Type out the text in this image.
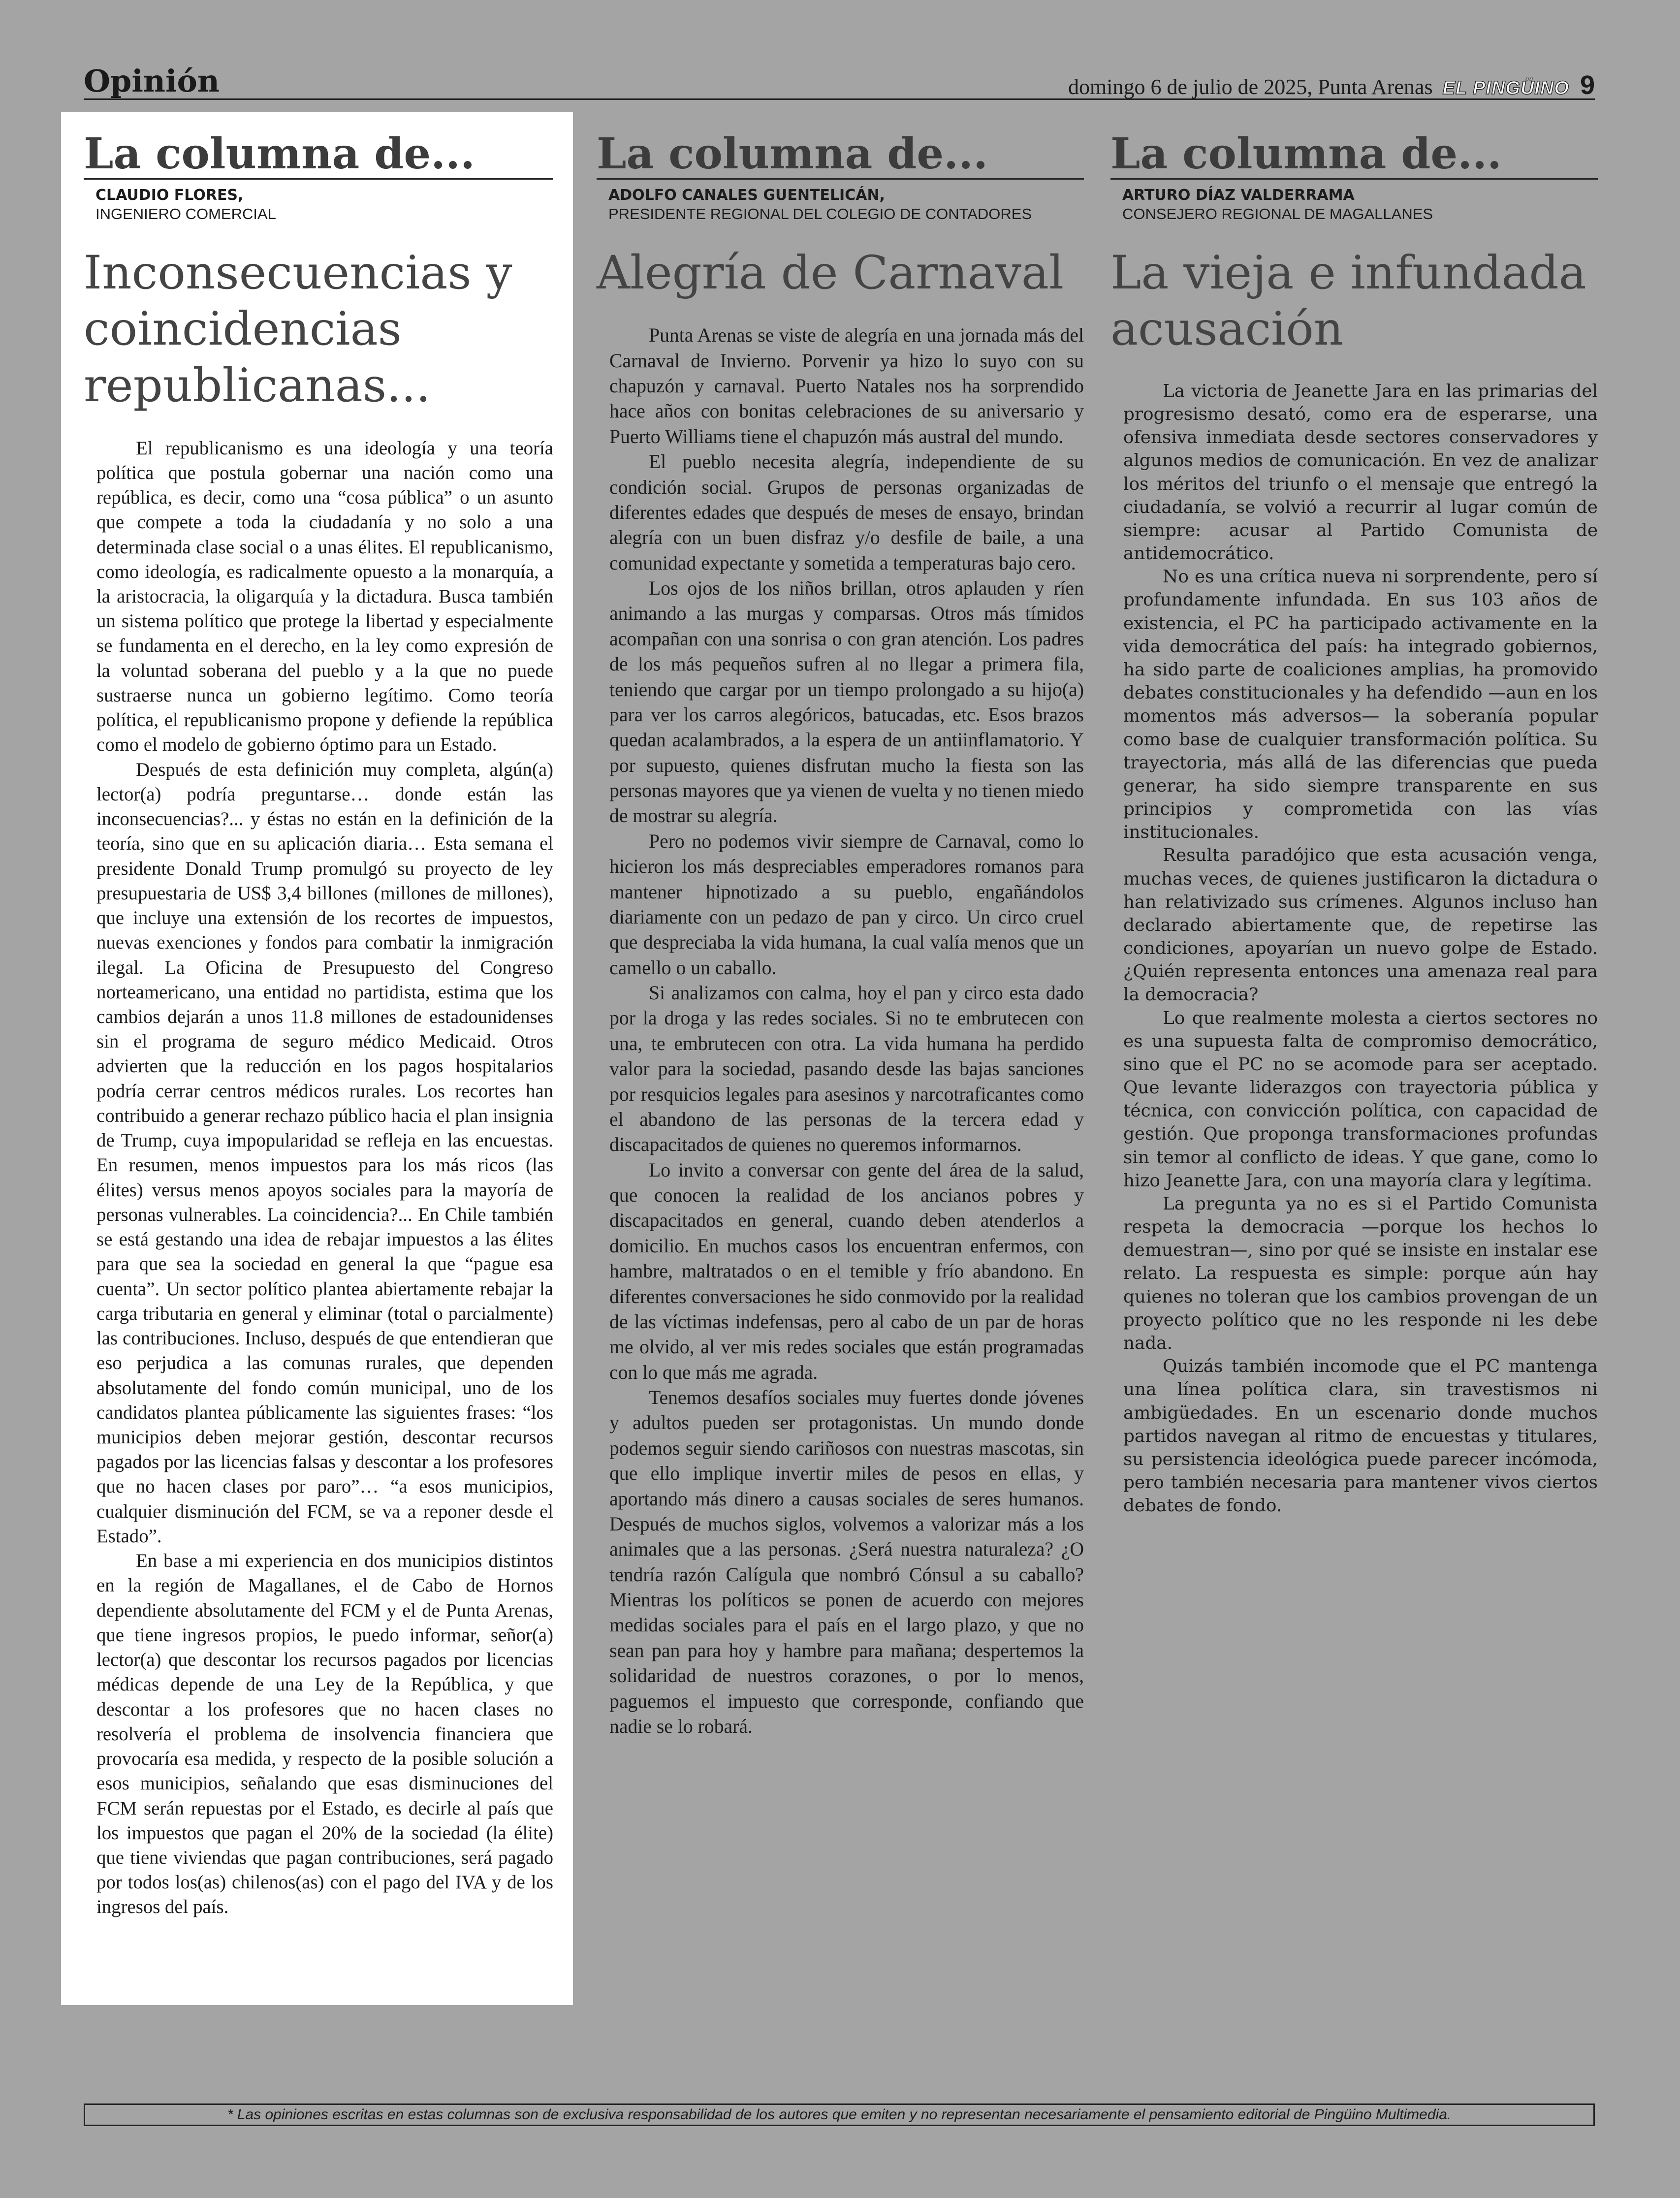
Opinión	domingo 6 de julio de 2025, Punta Arenas EL PINGÜINO 9
La columna de...
CLAUDIO FLORES,
INGENIERO COMERCIAL
Inconsecuencias y coincidencias republicanas...

El republicanismo es una ideología y una teoría política que postula gobernar una nación como una república, es decir, como una “cosa pública” o un asunto que compete a toda la ciudadanía y no solo a una determinada clase social o a unas élites. El republicanismo, como ideología, es radicalmente opuesto a la monarquía, a la aristocracia, la oligarquía y la dictadura. Busca también un sistema político que protege la libertad y especialmente se fundamenta en el derecho, en la ley como expresión de la voluntad soberana del pueblo y a la que no puede sustraerse nunca un gobierno legítimo. Como teoría política, el republicanismo propone y defiende la república como el modelo de gobierno óptimo para un Estado.

Después de esta definición muy completa, algún(a) lector(a) podría preguntarse… donde están las inconsecuencias?... y éstas no están en la definición de la teoría, sino que en su aplicación diaria… Esta semana el presidente Donald Trump promulgó su proyecto de ley presupuestaria de US$ 3,4 billones (millones de millones), que incluye una extensión de los recortes de impuestos, nuevas exenciones y fondos para combatir la inmigración ilegal. La Oficina de Presupuesto del Congreso norteamericano, una entidad no partidista, estima que los cambios dejarán a unos 11.8 millones de estadounidenses sin el programa de seguro médico Medicaid. Otros advierten que la reducción en los pagos hospitalarios podría cerrar centros médicos rurales. Los recortes han contribuido a generar rechazo público hacia el plan insignia de Trump, cuya impopularidad se refleja en las encuestas. En resumen, menos impuestos para los más ricos (las élites) versus menos apoyos sociales para la mayoría de personas vulnerables. La coincidencia?... En Chile también se está gestando una idea de rebajar impuestos a las élites para que sea la sociedad en general la que “pague esa cuenta”. Un sector político plantea abiertamente rebajar la carga tributaria en general y eliminar (total o parcialmente) las contribuciones. Incluso, después de que entendieran que eso perjudica a las comunas rurales, que dependen absolutamente del fondo común municipal, uno de los candidatos plantea públicamente las siguientes frases: “los municipios deben mejorar gestión, descontar recursos pagados por las licencias falsas y descontar a los profesores que no hacen clases por paro”… “a esos municipios, cualquier disminución del FCM, se va a reponer desde el Estado”.

En base a mi experiencia en dos municipios distintos en la región de Magallanes, el de Cabo de Hornos dependiente absolutamente del FCM y el de Punta Arenas, que tiene ingresos propios, le puedo informar, señor(a) lector(a) que descontar los recursos pagados por licencias médicas depende de una Ley de la República, y que descontar a los profesores que no hacen clases no resolvería el problema de insolvencia financiera que provocaría esa medida, y respecto de la posible solución a esos municipios, señalando que esas disminuciones del FCM serán repuestas por el Estado, es decirle al país que los impuestos que pagan el 20% de la sociedad (la élite) que tiene viviendas que pagan contribuciones, será pagado por todos los(as) chilenos(as) con el pago del IVA y de los ingresos del país.

La columna de...
ADOLFO CANALES GUENTELICÁN,
PRESIDENTE REGIONAL DEL COLEGIO DE CONTADORES
Alegría de Carnaval

Punta Arenas se viste de alegría en una jornada más del Carnaval de Invierno. Porvenir ya hizo lo suyo con su chapuzón y carnaval. Puerto Natales nos ha sorprendido hace años con bonitas celebraciones de su aniversario y Puerto Williams tiene el chapuzón más austral del mundo.

El pueblo necesita alegría, independiente de su condición social. Grupos de personas organizadas de diferentes edades que después de meses de ensayo, brindan alegría con un buen disfraz y/o desfile de baile, a una comunidad expectante y sometida a temperaturas bajo cero.

Los ojos de los niños brillan, otros aplauden y ríen animando a las murgas y comparsas. Otros más tímidos acompañan con una sonrisa o con gran atención. Los padres de los más pequeños sufren al no llegar a primera fila, teniendo que cargar por un tiempo prolongado a su hijo(a) para ver los carros alegóricos, batucadas, etc. Esos brazos quedan acalambrados, a la espera de un antiinflamatorio. Y por supuesto, quienes disfrutan mucho la fiesta son las personas mayores que ya vienen de vuelta y no tienen miedo de mostrar su alegría.

Pero no podemos vivir siempre de Carnaval, como lo hicieron los más despreciables emperadores romanos para mantener hipnotizado a su pueblo, engañándolos diariamente con un pedazo de pan y circo. Un circo cruel que despreciaba la vida humana, la cual valía menos que un camello o un caballo.

Si analizamos con calma, hoy el pan y circo esta dado por la droga y las redes sociales. Si no te embrutecen con una, te embrutecen con otra. La vida humana ha perdido valor para la sociedad, pasando desde las bajas sanciones por resquicios legales para asesinos y narcotraficantes como el abandono de las personas de la tercera edad y discapacitados de quienes no queremos informarnos.

Lo invito a conversar con gente del área de la salud, que conocen la realidad de los ancianos pobres y discapacitados en general, cuando deben atenderlos a domicilio. En muchos casos los encuentran enfermos, con hambre, maltratados o en el temible y frío abandono. En diferentes conversaciones he sido conmovido por la realidad de las víctimas indefensas, pero al cabo de un par de horas me olvido, al ver mis redes sociales que están programadas con lo que más me agrada.

Tenemos desafíos sociales muy fuertes donde jóvenes y adultos pueden ser protagonistas. Un mundo donde podemos seguir siendo cariñosos con nuestras mascotas, sin que ello implique invertir miles de pesos en ellas, y aportando más dinero a causas sociales de seres humanos. Después de muchos siglos, volvemos a valorizar más a los animales que a las personas. ¿Será nuestra naturaleza? ¿O tendría razón Calígula que nombró Cónsul a su caballo? Mientras los políticos se ponen de acuerdo con mejores medidas sociales para el país en el largo plazo, y que no sean pan para hoy y hambre para mañana; despertemos la solidaridad de nuestros corazones, o por lo menos, paguemos el impuesto que corresponde, confiando que nadie se lo robará.

La columna de...
ARTURO DÍAZ VALDERRAMA
CONSEJERO REGIONAL DE MAGALLANES
La vieja e infundada acusación

La victoria de Jeanette Jara en las primarias del progresismo desató, como era de esperarse, una ofensiva inmediata desde sectores conservadores y algunos medios de comunicación. En vez de analizar los méritos del triunfo o el mensaje que entregó la ciudadanía, se volvió a recurrir al lugar común de siempre: acusar al Partido Comunista de antidemocrático.

No es una crítica nueva ni sorprendente, pero sí profundamente infundada. En sus 103 años de existencia, el PC ha participado activamente en la vida democrática del país: ha integrado gobiernos, ha sido parte de coaliciones amplias, ha promovido debates constitucionales y ha defendido —aun en los momentos más adversos— la soberanía popular como base de cualquier transformación política. Su trayectoria, más allá de las diferencias que pueda generar, ha sido siempre transparente en sus principios y comprometida con las vías institucionales.

Resulta paradójico que esta acusación venga, muchas veces, de quienes justificaron la dictadura o han relativizado sus crímenes. Algunos incluso han declarado abiertamente que, de repetirse las condiciones, apoyarían un nuevo golpe de Estado. ¿Quién representa entonces una amenaza real para la democracia?

Lo que realmente molesta a ciertos sectores no es una supuesta falta de compromiso democrático, sino que el PC no se acomode para ser aceptado. Que levante liderazgos con trayectoria pública y técnica, con convicción política, con capacidad de gestión. Que proponga transformaciones profundas sin temor al conflicto de ideas. Y que gane, como lo hizo Jeanette Jara, con una mayoría clara y legítima.

La pregunta ya no es si el Partido Comunista respeta la democracia —porque los hechos lo demuestran—, sino por qué se insiste en instalar ese relato. La respuesta es simple: porque aún hay quienes no toleran que los cambios provengan de un proyecto político que no les responde ni les debe nada.

Quizás también incomode que el PC mantenga una línea política clara, sin travestismos ni ambigüedades. En un escenario donde muchos partidos navegan al ritmo de encuestas y titulares, su persistencia ideológica puede parecer incómoda, pero también necesaria para mantener vivos ciertos debates de fondo.

* Las opiniones escritas en estas columnas son de exclusiva responsabilidad de los autores que emiten y no representan necesariamente el pensamiento editorial de Pingüino Multimedia.
